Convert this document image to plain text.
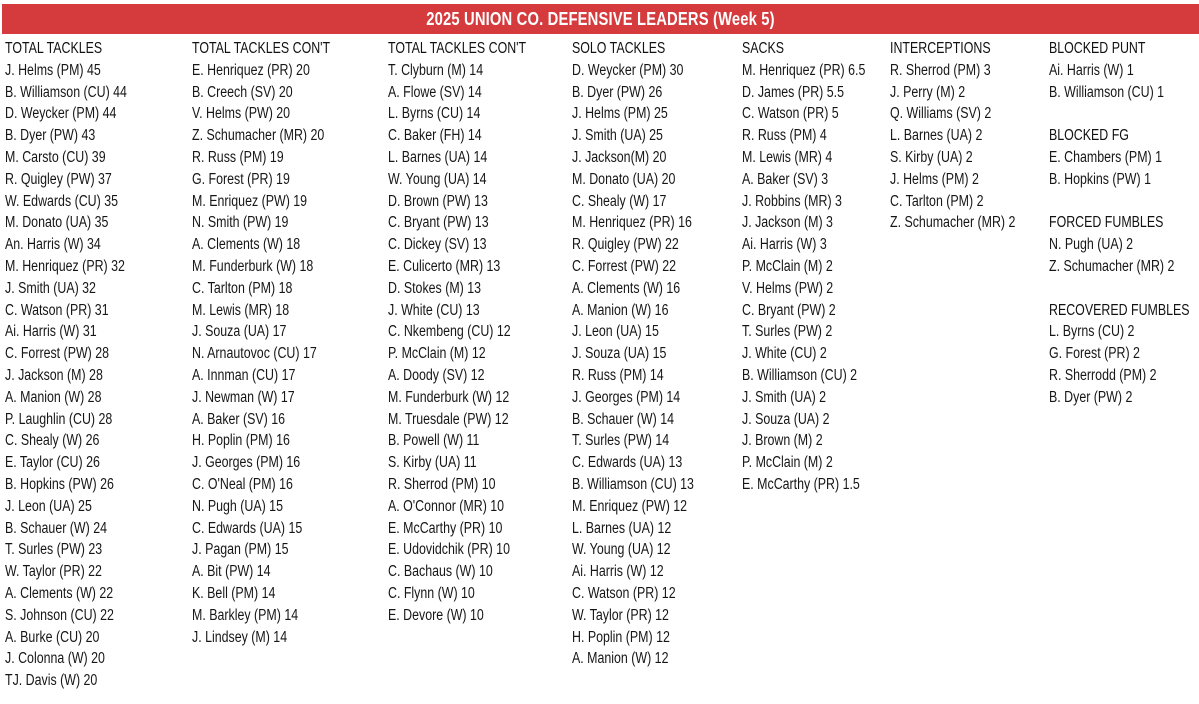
2025 UNION CO. DEFENSIVE LEADERS (Week 5)
TOTAL TACKLES
J. Helms (PM) 45
B. Williamson (CU) 44
D. Weycker (PM) 44
B. Dyer (PW) 43
M. Carsto (CU) 39
R. Quigley (PW) 37
W. Edwards (CU) 35
M. Donato (UA) 35
An. Harris (W) 34
M. Henriquez (PR) 32
J. Smith (UA) 32
C. Watson (PR) 31
Ai. Harris (W) 31
C. Forrest (PW) 28
J. Jackson (M) 28
A. Manion (W) 28
P. Laughlin (CU) 28
C. Shealy (W) 26
E. Taylor (CU) 26
B. Hopkins (PW) 26
J. Leon (UA) 25
B. Schauer (W) 24
T. Surles (PW) 23
W. Taylor (PR) 22
A. Clements (W) 22
S. Johnson (CU) 22
A. Burke (CU) 20
J. Colonna (W) 20
TJ. Davis (W) 20
TOTAL TACKLES CON'T
E. Henriquez (PR) 20
B. Creech (SV) 20
V. Helms (PW) 20
Z. Schumacher (MR) 20
R. Russ (PM) 19
G. Forest (PR) 19
M. Enriquez (PW) 19
N. Smith (PW) 19
A. Clements (W) 18
M. Funderburk (W) 18
C. Tarlton (PM) 18
M. Lewis (MR) 18
J. Souza (UA) 17
N. Arnautovoc (CU) 17
A. Innman (CU) 17
J. Newman (W) 17
A. Baker (SV) 16
H. Poplin (PM) 16
J. Georges (PM) 16
C. O'Neal (PM) 16
N. Pugh (UA) 15
C. Edwards (UA) 15
J. Pagan (PM) 15
A. Bit (PW) 14
K. Bell (PM) 14
M. Barkley (PM) 14
J. Lindsey (M) 14
TOTAL TACKLES CON'T
T. Clyburn (M) 14
A. Flowe (SV) 14
L. Byrns (CU) 14
C. Baker (FH) 14
L. Barnes (UA) 14
W. Young (UA) 14
D. Brown (PW) 13
C. Bryant (PW) 13
C. Dickey (SV) 13
E. Culicerto (MR) 13
D. Stokes (M) 13
J. White (CU) 13
C. Nkembeng (CU) 12
P. McClain (M) 12
A. Doody (SV) 12
M. Funderburk (W) 12
M. Truesdale (PW) 12
B. Powell (W) 11
S. Kirby (UA) 11
R. Sherrod (PM) 10
A. O'Connor (MR) 10
E. McCarthy (PR) 10
E. Udovidchik (PR) 10
C. Bachaus (W) 10
C. Flynn (W) 10
E. Devore (W) 10
SOLO TACKLES
D. Weycker (PM) 30
B. Dyer (PW) 26
J. Helms (PM) 25
J. Smith (UA) 25
J. Jackson(M) 20
M. Donato (UA) 20
C. Shealy (W) 17
M. Henriquez (PR) 16
R. Quigley (PW) 22
C. Forrest (PW) 22
A. Clements (W) 16
A. Manion (W) 16
J. Leon (UA) 15
J. Souza (UA) 15
R. Russ (PM) 14
J. Georges (PM) 14
B. Schauer (W) 14
T. Surles (PW) 14
C. Edwards (UA) 13
B. Williamson (CU) 13
M. Enriquez (PW) 12
L. Barnes (UA) 12
W. Young (UA) 12
Ai. Harris (W) 12
C. Watson (PR) 12
W. Taylor (PR) 12
H. Poplin (PM) 12
A. Manion (W) 12
SACKS
M. Henriquez (PR) 6.5
D. James (PR) 5.5
C. Watson (PR) 5
R. Russ (PM) 4
M. Lewis (MR) 4
A. Baker (SV) 3
J. Robbins (MR) 3
J. Jackson (M) 3
Ai. Harris (W) 3
P. McClain (M) 2
V. Helms (PW) 2
C. Bryant (PW) 2
T. Surles (PW) 2
J. White (CU) 2
B. Williamson (CU) 2
J. Smith (UA) 2
J. Souza (UA) 2
J. Brown (M) 2
P. McClain (M) 2
E. McCarthy (PR) 1.5
INTERCEPTIONS
R. Sherrod (PM) 3
J. Perry (M) 2
Q. Williams (SV) 2
L. Barnes (UA) 2
S. Kirby (UA) 2
J. Helms (PM) 2
C. Tarlton (PM) 2
Z. Schumacher (MR) 2
BLOCKED PUNT
Ai. Harris (W) 1
B. Williamson (CU) 1
BLOCKED FG
E. Chambers (PM) 1
B. Hopkins (PW) 1
FORCED FUMBLES
N. Pugh (UA) 2
Z. Schumacher (MR) 2
RECOVERED FUMBLES
L. Byrns (CU) 2
G. Forest (PR) 2
R. Sherrodd (PM) 2
B. Dyer (PW) 2
